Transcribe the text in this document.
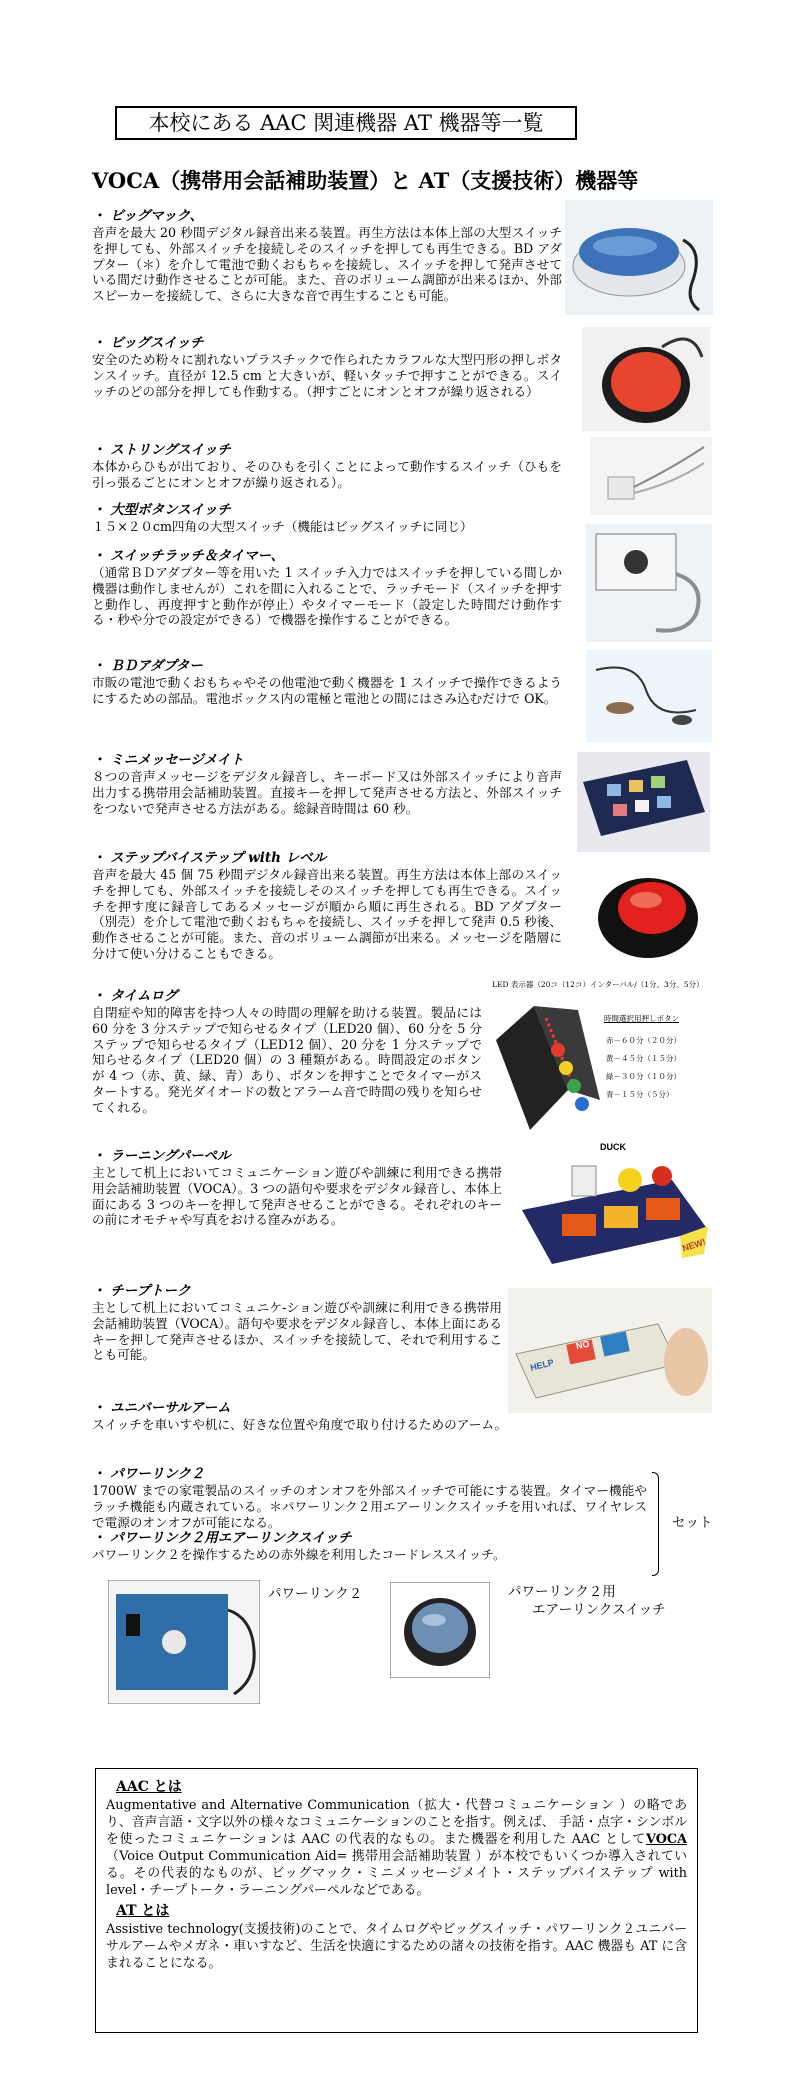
本校にある AAC 関連機器 AT 機器等一覧
VOCA（携帯用会話補助装置）と AT（支援技術）機器等
・ ビッグマック、
音声を最大 20 秒間デジタル録音出来る装置。再生方法は本体上部の大型スイッチを押しても、外部スイッチを接続しそのスイッチを押しても再生できる。BD アダプター（＊）を介して電池で動くおもちゃを接続し、スイッチを押して発声させている間だけ動作させることが可能。また、音のボリューム調節が出来るほか、外部スピーカーを接続して、さらに大きな音で再生することも可能。
・ ビッグスイッチ
安全のため粉々に割れないプラスチックで作られたカラフルな大型円形の押しボタンスイッチ。直径が 12.5 cm と大きいが、軽いタッチで押すことができる。スイッチのどの部分を押しても作動する。（押すごとにオンとオフが繰り返される）
・ ストリングスイッチ
本体からひもが出ており、そのひもを引くことによって動作するスイッチ（ひもを引っ張るごとにオンとオフが繰り返される）。
・ 大型ボタンスイッチ
１５×２０cm四角の大型スイッチ（機能はビッグスイッチに同じ）
・ スイッチラッチ＆タイマー、
（通常ＢＤアダプター等を用いた 1 スイッチ入力ではスイッチを押している間しか機器は動作しませんが）これを間に入れることで、ラッチモード（スイッチを押すと動作し、再度押すと動作が停止）やタイマーモード（設定した時間だけ動作する・秒や分での設定ができる）で機器を操作することができる。
・ ＢＤアダプター
市販の電池で動くおもちゃやその他電池で動く機器を 1 スイッチで操作できるようにするための部品。電池ボックス内の電極と電池との間にはさみ込むだけで OK。
・ ミニメッセージメイト
８つの音声メッセージをデジタル録音し、キーボード又は外部スイッチにより音声出力する携帯用会話補助装置。直接キーを押して発声させる方法と、外部スイッチをつないで発声させる方法がある。総録音時間は 60 秒。
・ ステップバイステップ with レベル
音声を最大 45 個 75 秒間デジタル録音出来る装置。再生方法は本体上部のスイッチを押しても、外部スイッチを接続しそのスイッチを押しても再生できる。スイッチを押す度に録音してあるメッセージが順から順に再生される。BD アダプター（別売）を介して電池で動くおもちゃを接続し、スイッチを押して発声 0.5 秒後、動作させることが可能。また、音のボリューム調節が出来る。メッセージを階層に分けて使い分けることもできる。
・ タイムログ
自閉症や知的障害を持つ人々の時間の理解を助ける装置。製品には 60 分を 3 分ステップで知らせるタイプ（LED20 個）、60 分を 5 分ステップで知らせるタイプ（LED12 個）、20 分を 1 分ステップで知らせるタイプ（LED20 個）の 3 種類がある。時間設定のボタンが 4 つ（赤、黄、緑、青）あり、ボタンを押すことでタイマーがスタートする。発光ダイオードの数とアラーム音で時間の残りを知らせてくれる。
LED 表示器（20コ（12コ）インターバル/（1分、3分、5分）
時間選択用押しボタン
赤－６０分（２０分）
黄－４５分（１５分）
緑－３０分（１０分）
青－１５分（５分）
・ ラーニングパーペル
主として机上においてコミュニケーション遊びや訓練に利用できる携帯用会話補助装置（VOCA）。3 つの語句や要求をデジタル録音し、本体上面にある 3 つのキーを押して発声させることができる。それぞれのキーの前にオモチャや写真をおける窪みがある。
DUCK
NEW!
・ チープトーク
主として机上においてコミュニケ-ション遊びや訓練に利用できる携帯用会話補助装置（VOCA）。語句や要求をデジタル録音し、本体上面にあるキーを押して発声させるほか、スイッチを接続して、それで利用することも可能。
HELP
NO
・ ユニバーサルアーム
スイッチを車いすや机に、好きな位置や角度で取り付けるためのアーム。
・ パワーリンク２
1700W までの家電製品のスイッチのオンオフを外部スイッチで可能にする装置。タイマー機能やラッチ機能も内蔵されている。＊パワーリンク２用エアーリンクスイッチを用いれば、ワイヤレスで電源のオンオフが可能になる。
・ パワーリンク２用エアーリンクスイッチ
パワーリンク２を操作するための赤外線を利用したコードレススイッチ。
セット
パワーリンク２	パワーリンク２用
エアーリンクスイッチ
AAC とは
Augmentative and Alternative Communication（拡大・代替コミュニケーション ）の略であり、音声言語・文字以外の様々なコミュニケーションのことを指す。例えば、 手話・点字・シンボルを使ったコミュニケーションは AAC の代表的なもの。また機器を利用した AAC としてVOCA（Voice Output Communication Aid= 携帯用会話補助装置 ）が本校でもいくつか導入されている。その代表的なものが、ビッグマック・ミニメッセージメイト・ステップバイステップ with level・チープトーク・ラーニングパーペルなどである。
AT とは
Assistive technology(支援技術)のことで、タイムログやビッグスイッチ・パワーリンク２ユニバーサルアームやメガネ・車いすなど、生活を快適にするための諸々の技術を指す。AAC 機器も AT に含まれることになる。
